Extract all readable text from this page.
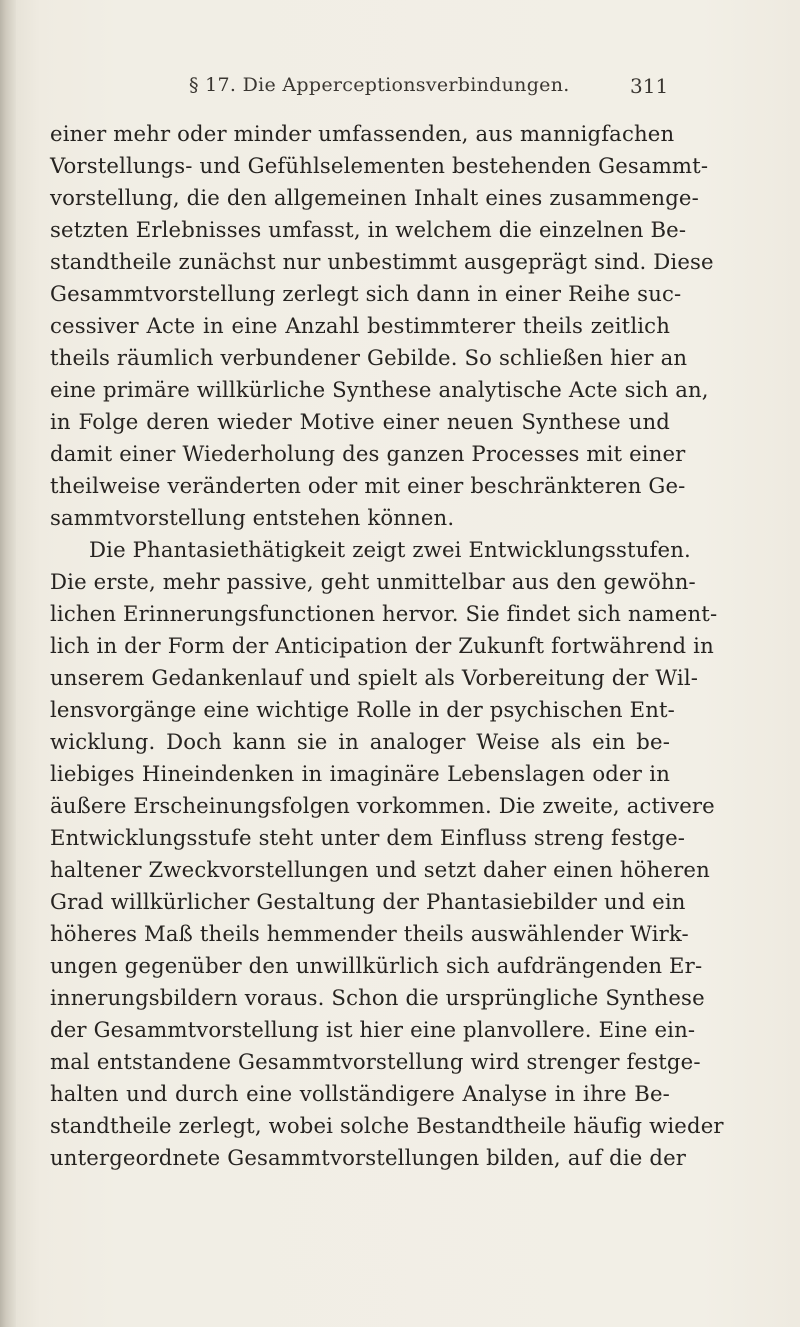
§ 17. Die Apperceptionsverbindungen.	311
einer mehr oder minder umfassenden, aus mannigfachen
Vorstellungs- und Gefühlselementen bestehenden Gesammt-
vorstellung, die den allgemeinen Inhalt eines zusammenge-
setzten Erlebnisses umfasst, in welchem die einzelnen Be-
standtheile zunächst nur unbestimmt ausgeprägt sind. Diese
Gesammtvorstellung zerlegt sich dann in einer Reihe suc-
cessiver Acte in eine Anzahl bestimmterer theils zeitlich
theils räumlich verbundener Gebilde. So schließen hier an
eine primäre willkürliche Synthese analytische Acte sich an,
in Folge deren wieder Motive einer neuen Synthese und
damit einer Wiederholung des ganzen Processes mit einer
theilweise veränderten oder mit einer beschränkteren Ge-
sammtvorstellung entstehen können.
Die Phantasiethätigkeit zeigt zwei Entwicklungsstufen.
Die erste, mehr passive, geht unmittelbar aus den gewöhn-
lichen Erinnerungsfunctionen hervor. Sie findet sich nament-
lich in der Form der Anticipation der Zukunft fortwährend in
unserem Gedankenlauf und spielt als Vorbereitung der Wil-
lensvorgänge eine wichtige Rolle in der psychischen Ent-
wicklung. Doch kann sie in analoger Weise als ein be-
liebiges Hineindenken in imaginäre Lebenslagen oder in
äußere Erscheinungsfolgen vorkommen. Die zweite, activere
Entwicklungsstufe steht unter dem Einfluss streng festge-
haltener Zweckvorstellungen und setzt daher einen höheren
Grad willkürlicher Gestaltung der Phantasiebilder und ein
höheres Maß theils hemmender theils auswählender Wirk-
ungen gegenüber den unwillkürlich sich aufdrängenden Er-
innerungsbildern voraus. Schon die ursprüngliche Synthese
der Gesammtvorstellung ist hier eine planvollere. Eine ein-
mal entstandene Gesammtvorstellung wird strenger festge-
halten und durch eine vollständigere Analyse in ihre Be-
standtheile zerlegt, wobei solche Bestandtheile häufig wieder
untergeordnete Gesammtvorstellungen bilden, auf die der
